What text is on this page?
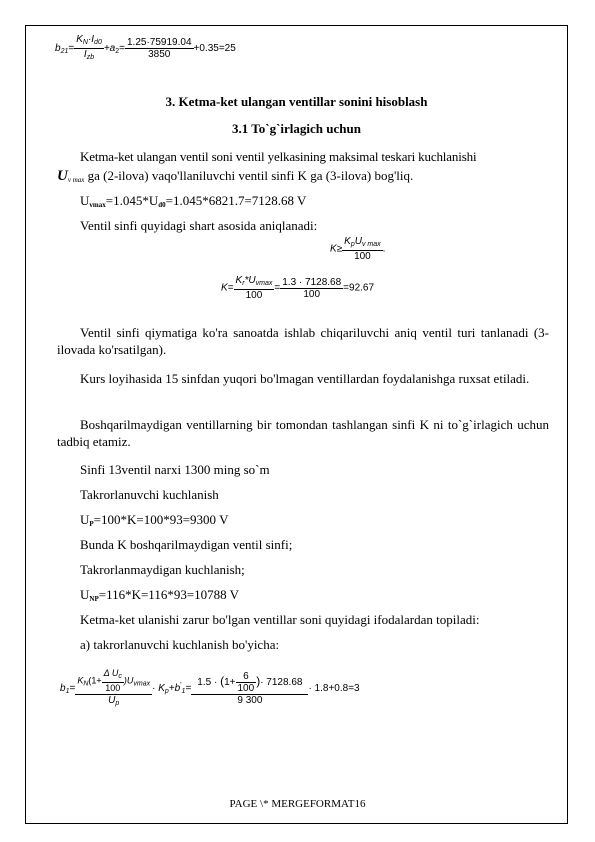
$b_{21}= \frac{K_N\cdot I_{d0}}{I_{zb}} +a_2= \frac{1.25\cdot 75919.04}{3850} +0.35=25$
3. Ketma-ket ulangan ventillar sonini hisoblash
3.1 To`g`irlagich uchun
Ketma-ket ulangan ventil soni ventil yelkasining maksimal teskari kuchlanishi
$U_{v max}$ ga (2-ilova) vaqo'llaniluvchi ventil sinfi K ga (3-ilova) bog'liq.
$U_{vmax}=1.045*U_{d0}=1.045*6821.7=7128.68$ V
Ventil sinfi quyidagi shart asosida aniqlanadi:
$K\ge \frac{K_pU_{v max}}{100}$ .
$K= \frac{K_r*U_{vmax}}{100} = \frac{1.3 \cdot 7128.68}{100} =92.67$
Ventil sinfi qiymatiga ko'ra sanoatda ishlab chiqariluvchi aniq ventil turi tanlanadi (3-ilovada ko'rsatilgan).
Kurs loyihasida 15 sinfdan yuqori bo'lmagan ventillardan foydalanishga ruxsat etiladi.
Boshqarilmaydigan ventillarning bir tomondan tashlangan sinfi K ni to`g`irlagich uchun tadbiq etamiz.
Sinfi 13ventil narxi 1300 ming so`m
Takrorlanuvchi kuchlanish
$U_P=100*K=100*93=9300$ V
Bunda K boshqarilmaydigan ventil sinfi;
Takrorlanmaydigan kuchlanish;
$U_{NP}=116*K=116*93=10788$ V
Ketma-ket ulanishi zarur bo'lgan ventillar soni quyidagi ifodalardan topiladi:
a) takrorlanuvchi kuchlanish bo'yicha:
$b_1= \frac{K_N(1+ \frac{\Delta U_c}{100} )U_{vmax}}{U_p} \cdot K_p+b'_1= \frac{1.5 \cdot (1+ \frac{6}{100} )\cdot 7128.68}{9 300} \cdot 1.8+0.8=3$
PAGE \* MERGEFORMAT16
